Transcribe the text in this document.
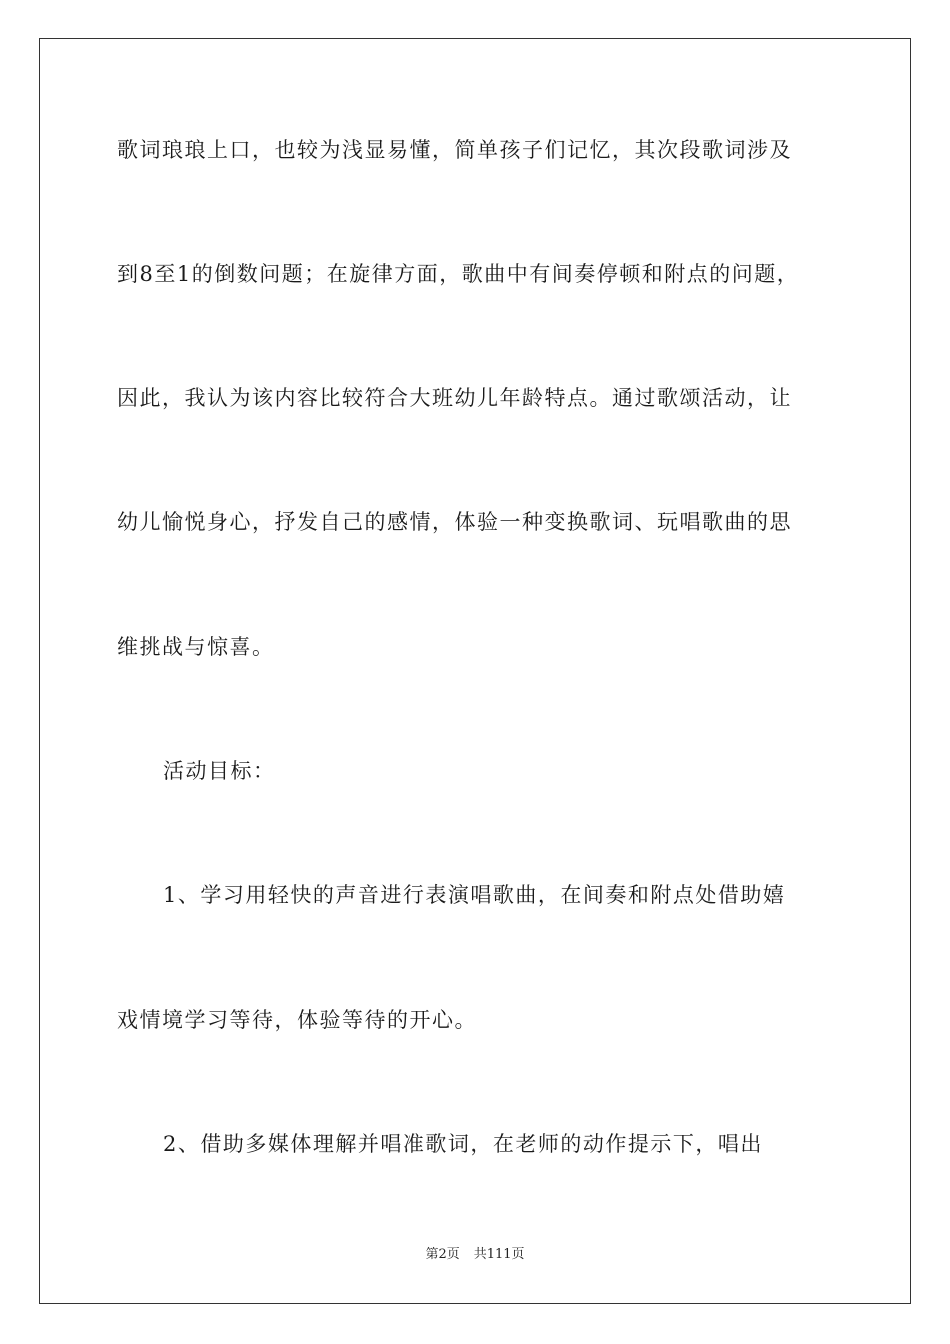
歌词琅琅上口，也较为浅显易懂，简单孩子们记忆，其次段歌词涉及
到8至1的倒数问题；在旋律方面，歌曲中有间奏停顿和附点的问题，
因此，我认为该内容比较符合大班幼儿年龄特点。通过歌颂活动，让
幼儿愉悦身心，抒发自己的感情，体验一种变换歌词、玩唱歌曲的思
维挑战与惊喜。
活动目标：
1、学习用轻快的声音进行表演唱歌曲，在间奏和附点处借助嬉
戏情境学习等待，体验等待的开心。
2、借助多媒体理解并唱准歌词，在老师的动作提示下，唱出
第2页 共111页
